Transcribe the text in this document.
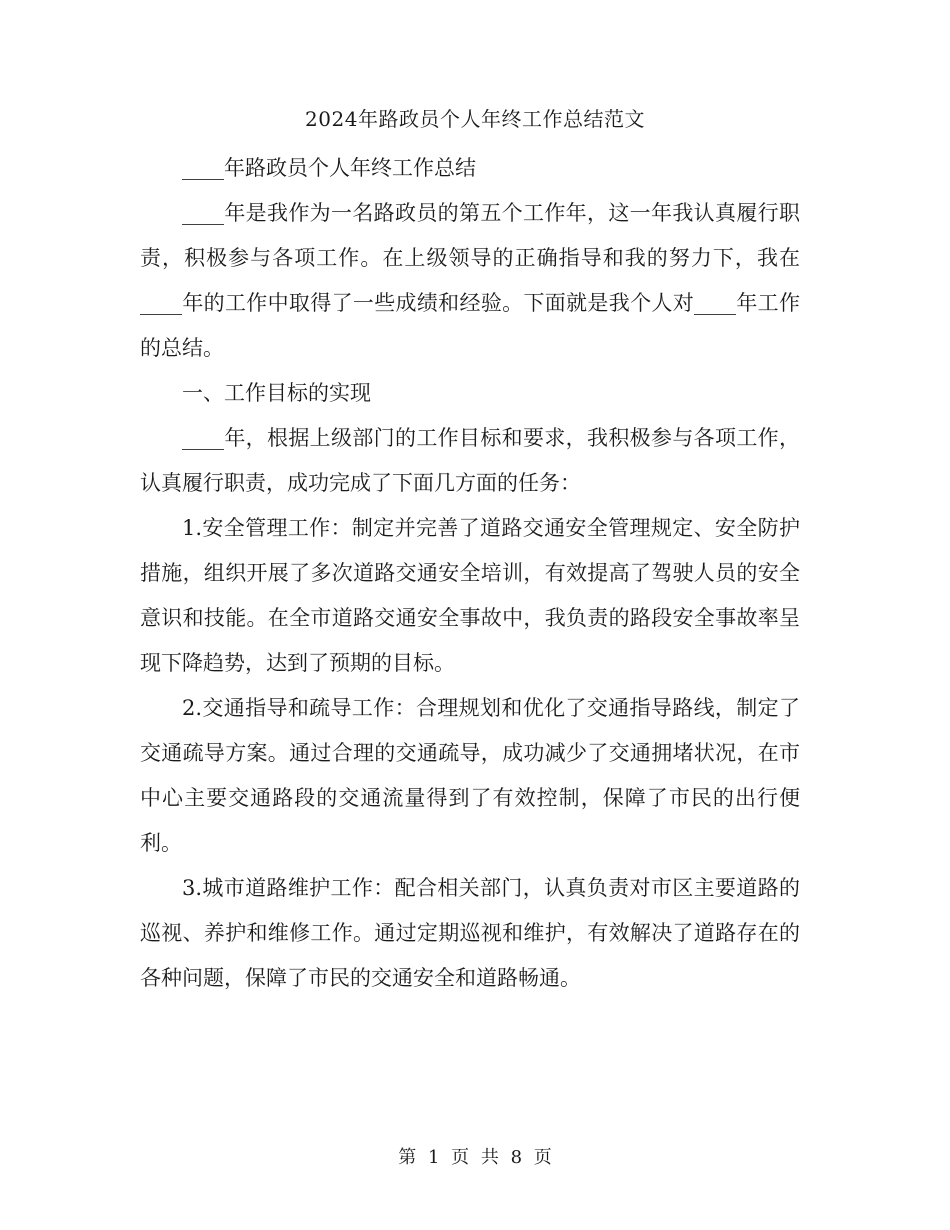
2024年路政员个人年终工作总结范文

____年路政员个人年终工作总结

____年是我作为一名路政员的第五个工作年，这一年我认真履行职责，积极参与各项工作。在上级领导的正确指导和我的努力下，我在____年的工作中取得了一些成绩和经验。下面就是我个人对____年工作的总结。

一、工作目标的实现

____年，根据上级部门的工作目标和要求，我积极参与各项工作，认真履行职责，成功完成了下面几方面的任务：

1.安全管理工作：制定并完善了道路交通安全管理规定、安全防护措施，组织开展了多次道路交通安全培训，有效提高了驾驶人员的安全意识和技能。在全市道路交通安全事故中，我负责的路段安全事故率呈现下降趋势，达到了预期的目标。

2.交通指导和疏导工作：合理规划和优化了交通指导路线，制定了交通疏导方案。通过合理的交通疏导，成功减少了交通拥堵状况，在市中心主要交通路段的交通流量得到了有效控制，保障了市民的出行便利。

3.城市道路维护工作：配合相关部门，认真负责对市区主要道路的巡视、养护和维修工作。通过定期巡视和维护，有效解决了道路存在的各种问题，保障了市民的交通安全和道路畅通。

第 1 页 共 8 页
